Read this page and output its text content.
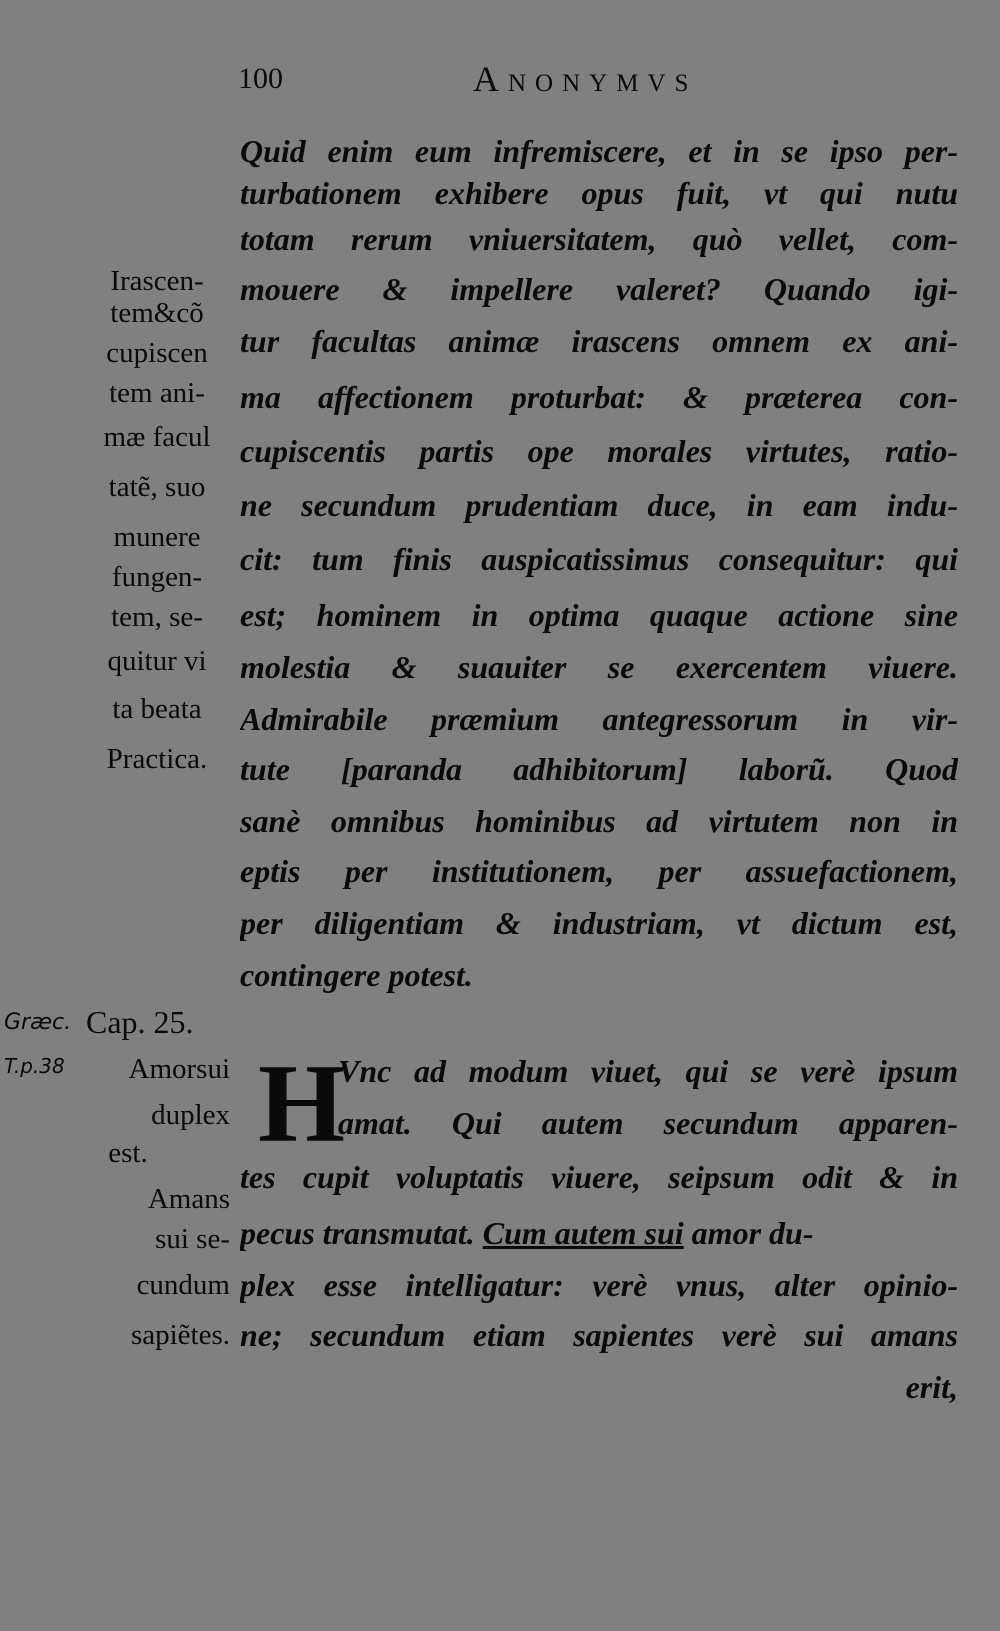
100	Anonymvs

Quid enim eum infremiscere, et in se ipso per-

turbationem exhibere opus fuit, vt qui nutu

totam rerum vniuersitatem, quò vellet, com-

mouere & impellere valeret? Quando igi-

tur facultas animæ irascens omnem ex ani-

ma affectionem proturbat: & præterea con-

cupiscentis partis ope morales virtutes, ratio-

ne secundum prudentiam duce, in eam indu-

cit: tum finis auspicatissimus consequitur: qui

est; hominem in optima quaque actione sine

molestia & suauiter se exercentem viuere.

Admirabile præmium antegressorum in vir-

tute [paranda adhibitorum] laborũ. Quod

sanè omnibus hominibus ad virtutem non in

eptis per institutionem, per assuefactionem,

per diligentiam & industriam, vt dictum est,

contingere potest.

Irascen-
tem&cõ
cupiscen
tem ani-
mæ facul
tatẽ, suo
munere
fungen-
tem, se-
quitur vi
ta beata
Practica.
Græc. Cap. 25.
T.p.38 H

Vnc ad modum viuet, qui se verè ipsum

amat. Qui autem secundum apparen-

tes cupit voluptatis viuere, seipsum odit & in

pecus transmutat. Cum autem sui amor du-

plex esse intelligatur: verè vnus, alter opinio-

ne; secundum etiam sapientes verè sui amans

erit,

Amorsui
duplex
est.
Amans
sui se-
cundum
sapiẽtes.
